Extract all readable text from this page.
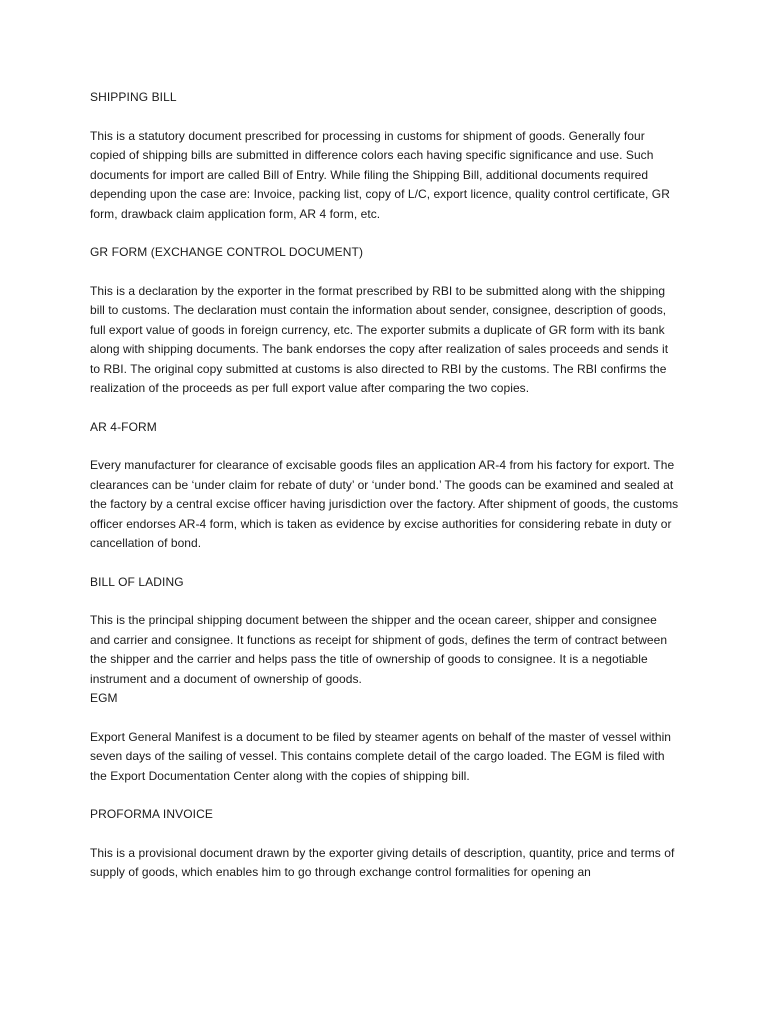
SHIPPING BILL
This is a statutory document prescribed for processing in customs for shipment of goods. Generally four copied of shipping bills are submitted in difference colors each having specific significance and use. Such documents for import are called Bill of Entry. While filing the Shipping Bill, additional documents required depending upon the case are: Invoice, packing list, copy of L/C, export licence, quality control certificate, GR form, drawback claim application form, AR 4 form, etc.
GR FORM (EXCHANGE CONTROL DOCUMENT)
This is a declaration by the exporter in the format prescribed by RBI to be submitted along with the shipping bill to customs. The declaration must contain the information about sender, consignee, description of goods, full export value of goods in foreign currency, etc. The exporter submits a duplicate of GR form with its bank along with shipping documents. The bank endorses the copy after realization of sales proceeds and sends it to RBI. The original copy submitted at customs is also directed to RBI by the customs. The RBI confirms the realization of the proceeds as per full export value after comparing the two copies.
AR 4-FORM
Every manufacturer for clearance of excisable goods files an application AR-4 from his factory for export. The clearances can be ‘under claim for rebate of duty’ or ‘under bond.’ The goods can be examined and sealed at the factory by a central excise officer having jurisdiction over the factory. After shipment of goods, the customs officer endorses AR-4 form, which is taken as evidence by excise authorities for considering rebate in duty or cancellation of bond.
BILL OF LADING
This is the principal shipping document between the shipper and the ocean career, shipper and consignee and carrier and consignee. It functions as receipt for shipment of gods, defines the term of contract between the shipper and the carrier and helps pass the title of ownership of goods to consignee. It is a negotiable instrument and a document of ownership of goods.
EGM
Export General Manifest is a document to be filed by steamer agents on behalf of the master of vessel within seven days of the sailing of vessel. This contains complete detail of the cargo loaded. The EGM is filed with the Export Documentation Center along with the copies of shipping bill.
PROFORMA INVOICE
This is a provisional document drawn by the exporter giving details of description, quantity, price and terms of supply of goods, which enables him to go through exchange control formalities for opening an
